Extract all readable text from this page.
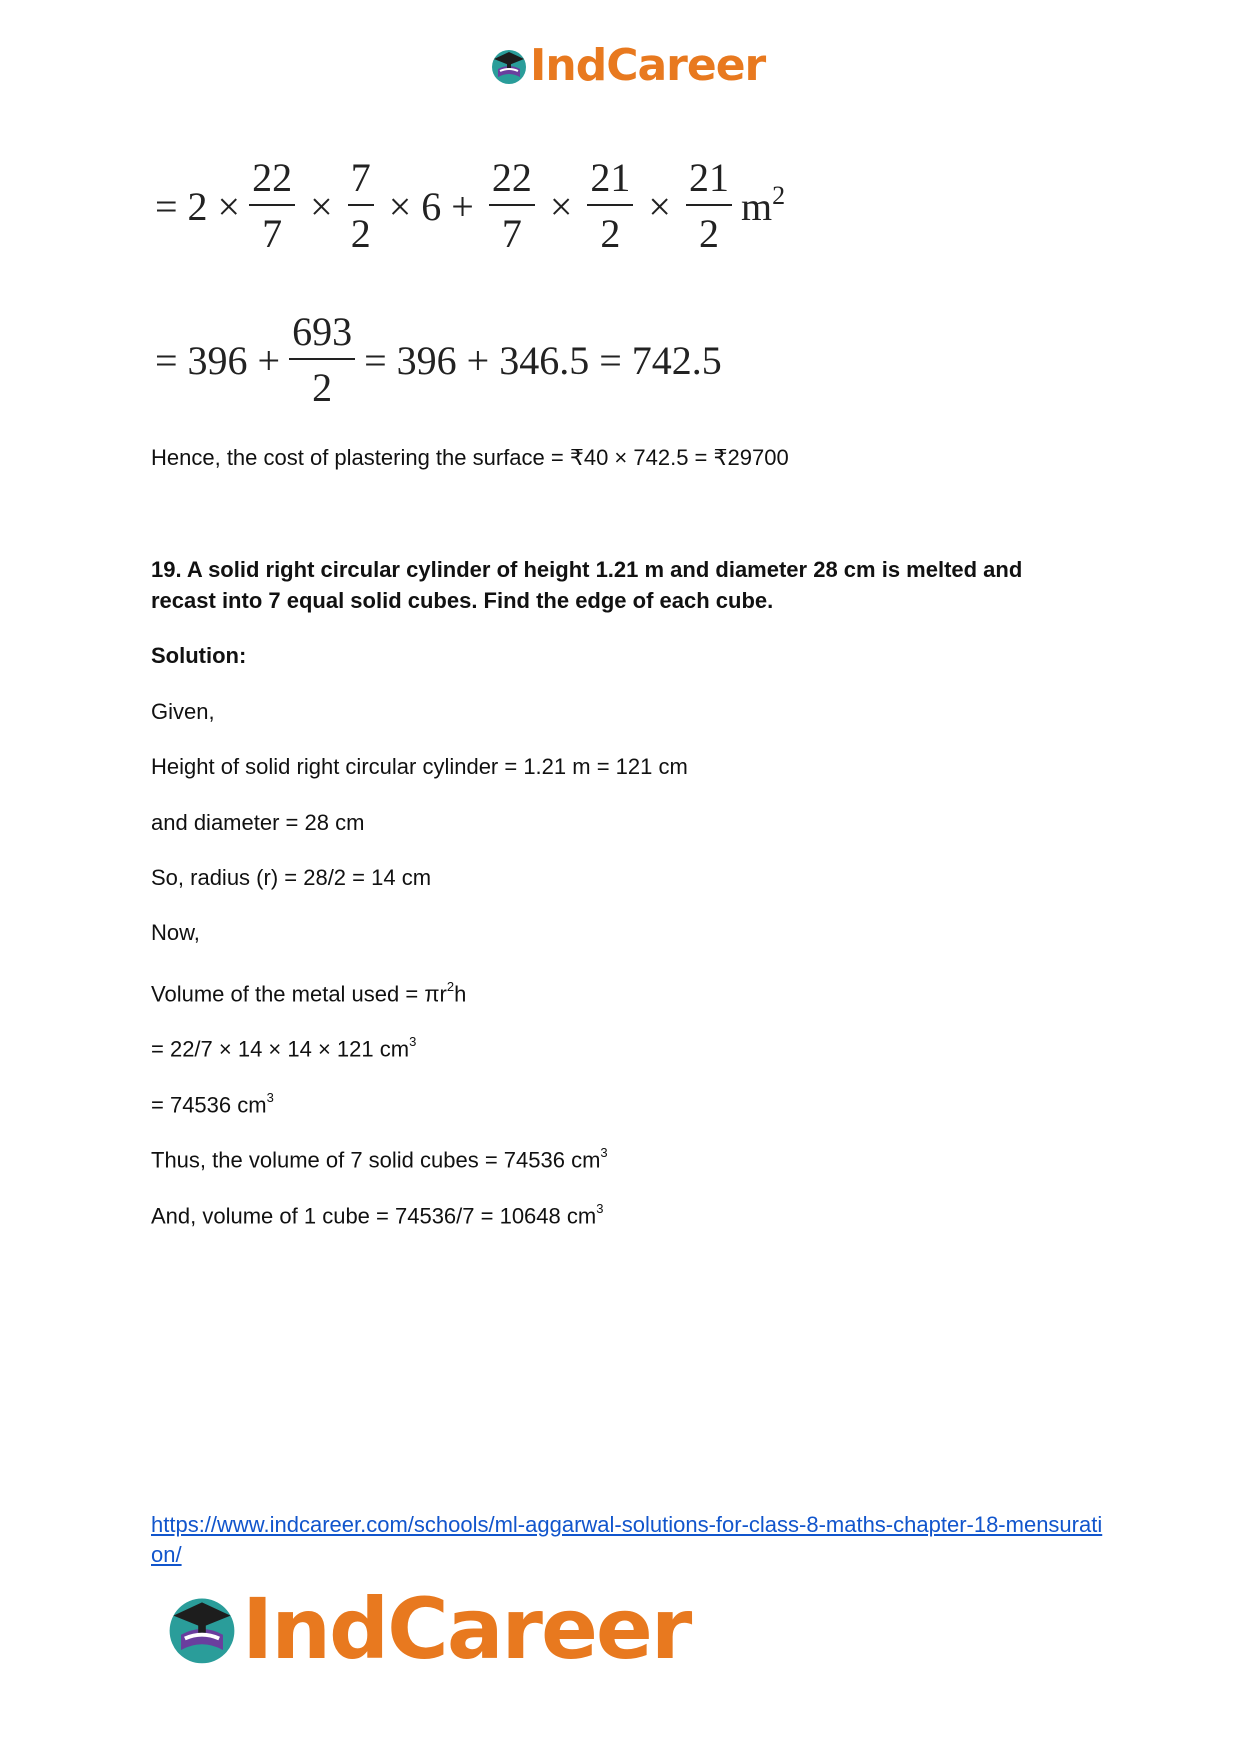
IndCareer
= $2 \times \frac{22}{7} \times \frac{7}{2} \times 6 + \frac{22}{7} \times \frac{21}{2} \times \frac{21}{2} m^2$
= $396 + \frac{693}{2} = 396 + 346.5 = 742.5$
Hence, the cost of plastering the surface = ₹40 × 742.5 = ₹29700
19. A solid right circular cylinder of height 1.21 m and diameter 28 cm is melted and
recast into 7 equal solid cubes. Find the edge of each cube.
Solution:
Given,
Height of solid right circular cylinder = 1.21 m = 121 cm
and diameter = 28 cm
So, radius (r) = 28/2 = 14 cm
Now,
Volume of the metal used = $\pi r^2h$
= 22/7 × 14 × 14 × 121 $cm^3$
= 74536 $cm^3$
Thus, the volume of 7 solid cubes = 74536 $cm^3$
And, volume of 1 cube = 74536/7 = 10648 $cm^3$
https://www.indcareer.com/schools/ml-aggarwal-solutions-for-class-8-maths-chapter-18-mensuration/
IndCareer
